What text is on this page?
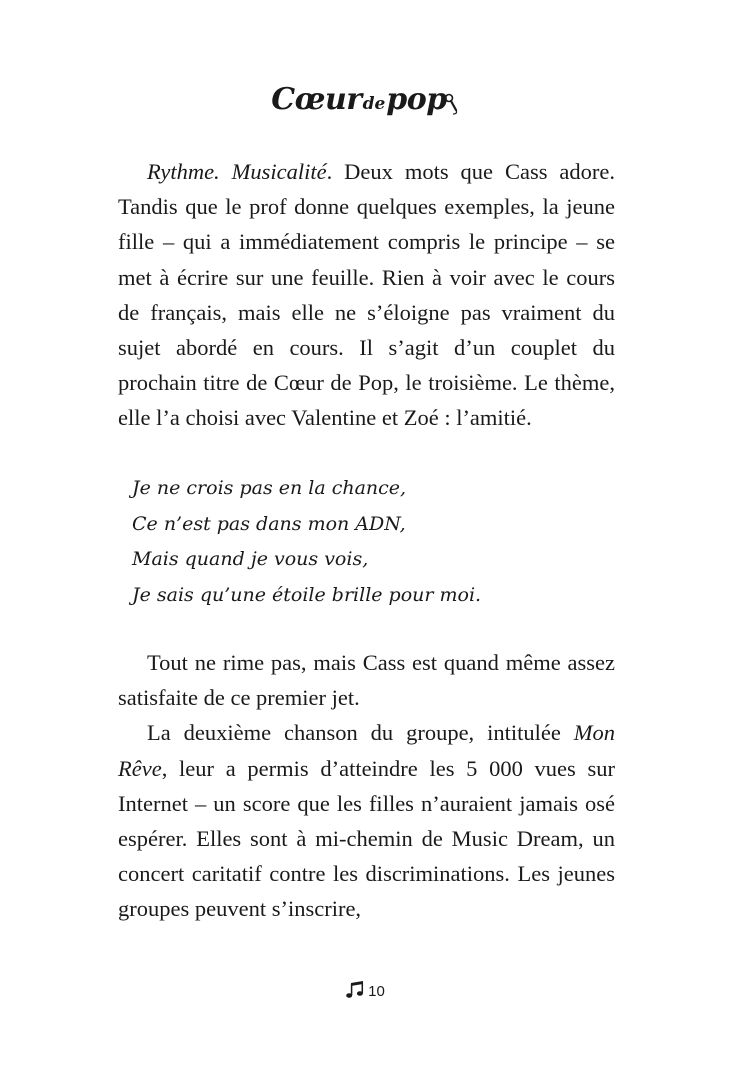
Cœurdepop

Rythme. Musicalité. Deux mots que Cass adore. Tandis que le prof donne quelques exemples, la jeune fille – qui a immédiatement compris le principe – se met à écrire sur une feuille. Rien à voir avec le cours de français, mais elle ne s’éloigne pas vraiment du sujet abordé en cours. Il s’agit d’un couplet du prochain titre de Cœur de Pop, le troisième. Le thème, elle l’a choisi avec Valentine et Zoé : l’amitié.

Je ne crois pas en la chance,
Ce n’est pas dans mon ADN,
Mais quand je vous vois,
Je sais qu’une étoile brille pour moi.

Tout ne rime pas, mais Cass est quand même assez satisfaite de ce premier jet.

La deuxième chanson du groupe, intitulée Mon Rêve, leur a permis d’atteindre les 5 000 vues sur Internet – un score que les filles n’auraient jamais osé espérer. Elles sont à mi-chemin de Music Dream, un concert caritatif contre les discriminations. Les jeunes groupes peuvent s’inscrire,

10
